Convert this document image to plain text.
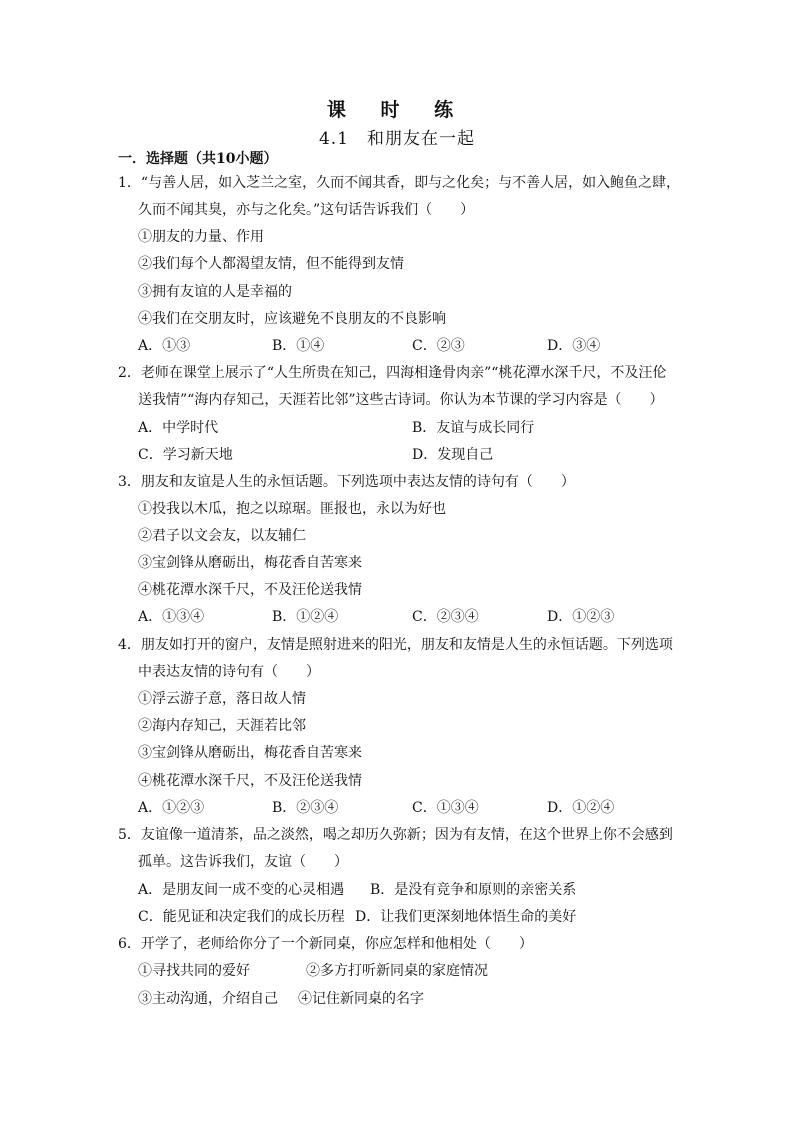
课 时 练
4.1　和朋友在一起
一．选择题（共10小题）
1．“与善人居，如入芝兰之室，久而不闻其香，即与之化矣；与不善人居，如入鲍鱼之肆，
久而不闻其臭，亦与之化矣。”这句话告诉我们（　　）
①朋友的力量、作用
②我们每个人都渴望友情，但不能得到友情
③拥有友谊的人是幸福的
④我们在交朋友时，应该避免不良朋友的不良影响
A．①③	B．①④	C．②③	D．③④
2．老师在课堂上展示了“人生所贵在知己，四海相逢骨肉亲”“桃花潭水深千尺，不及汪伦
送我情”“海内存知己，天涯若比邻”这些古诗词。你认为本节课的学习内容是（　　）
A．中学时代	B．友谊与成长同行
C．学习新天地	D．发现自己
3．朋友和友谊是人生的永恒话题。下列选项中表达友情的诗句有（　　）
①投我以木瓜，抱之以琼琚。匪报也，永以为好也
②君子以文会友，以友辅仁
③宝剑锋从磨砺出，梅花香自苦寒来
④桃花潭水深千尺，不及汪伦送我情
A．①③④	B．①②④	C．②③④	D．①②③
4．朋友如打开的窗户，友情是照射进来的阳光，朋友和友情是人生的永恒话题。下列选项
中表达友情的诗句有（　　）
①浮云游子意，落日故人情
②海内存知己，天涯若比邻
③宝剑锋从磨砺出，梅花香自苦寒来
④桃花潭水深千尺，不及汪伦送我情
A．①②③	B．②③④	C．①③④	D．①②④
5．友谊像一道清茶，品之淡然，喝之却历久弥新；因为有友情，在这个世界上你不会感到
孤单。这告诉我们，友谊（　　）
A．是朋友间一成不变的心灵相遇 B．是没有竞争和原则的亲密关系
C．能见证和决定我们的成长历程 D．让我们更深刻地体悟生命的美好
6．开学了，老师给你分了一个新同桌，你应怎样和他相处（　　）
①寻找共同的爱好	②多方打听新同桌的家庭情况
③主动沟通，介绍自己 ④记住新同桌的名字
